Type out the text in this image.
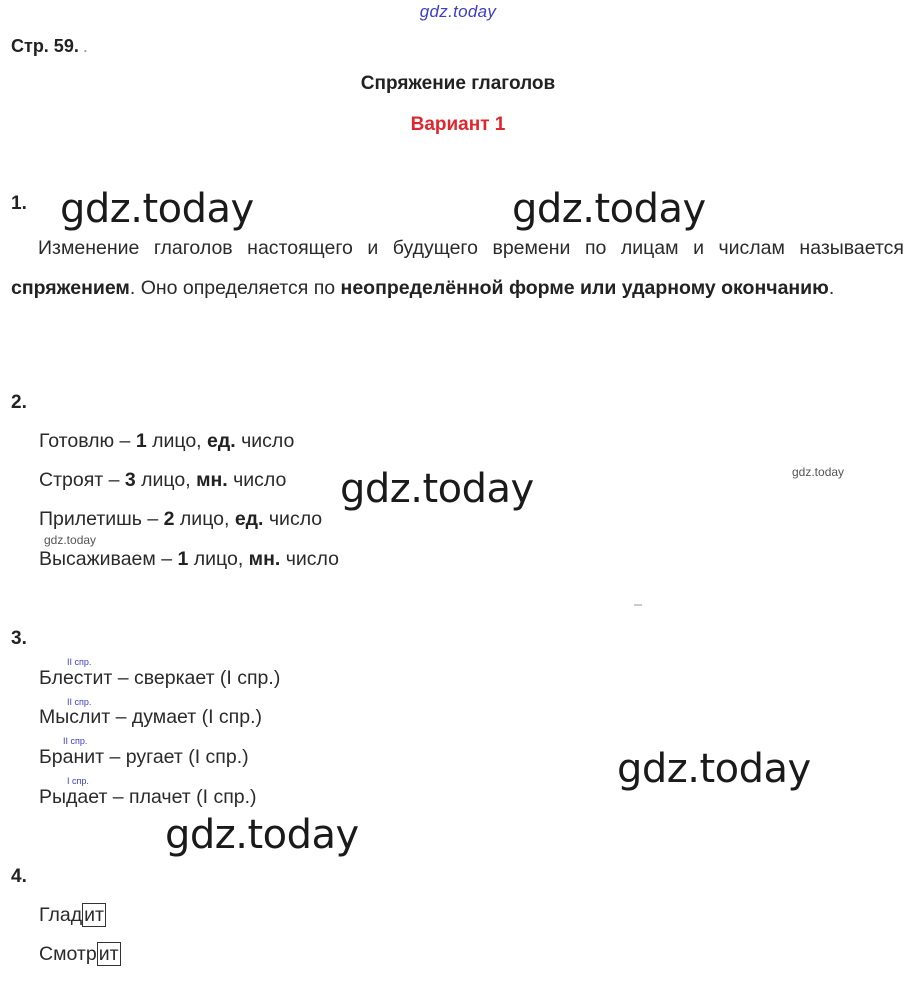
gdz.today
gdz.today	gdz.today
gdz.today	gdz.today
gdz.today
gdz.today
gdz.today
Стр. 59. .
Спряжение глаголов
Вариант 1
1.
Изменение глаголов настоящего и будущего времени по лицам и числам называется спряжением. Оно определяется по неопределённой форме или ударному окончанию.
2.
Готовлю – 1 лицо, ед. число
Строят – 3 лицо, мн. число
Прилетишь – 2 лицо, ед. число
Высаживаем – 1 лицо, мн. число
3.
II спр.
Блестит – сверкает (I спр.)
II спр.
Мыслит – думает (I спр.)
II спр.
Бранит – ругает (I спр.)
I спр.
Рыдает – плачет (I спр.)
4.
Глад ит
Смотр ит
